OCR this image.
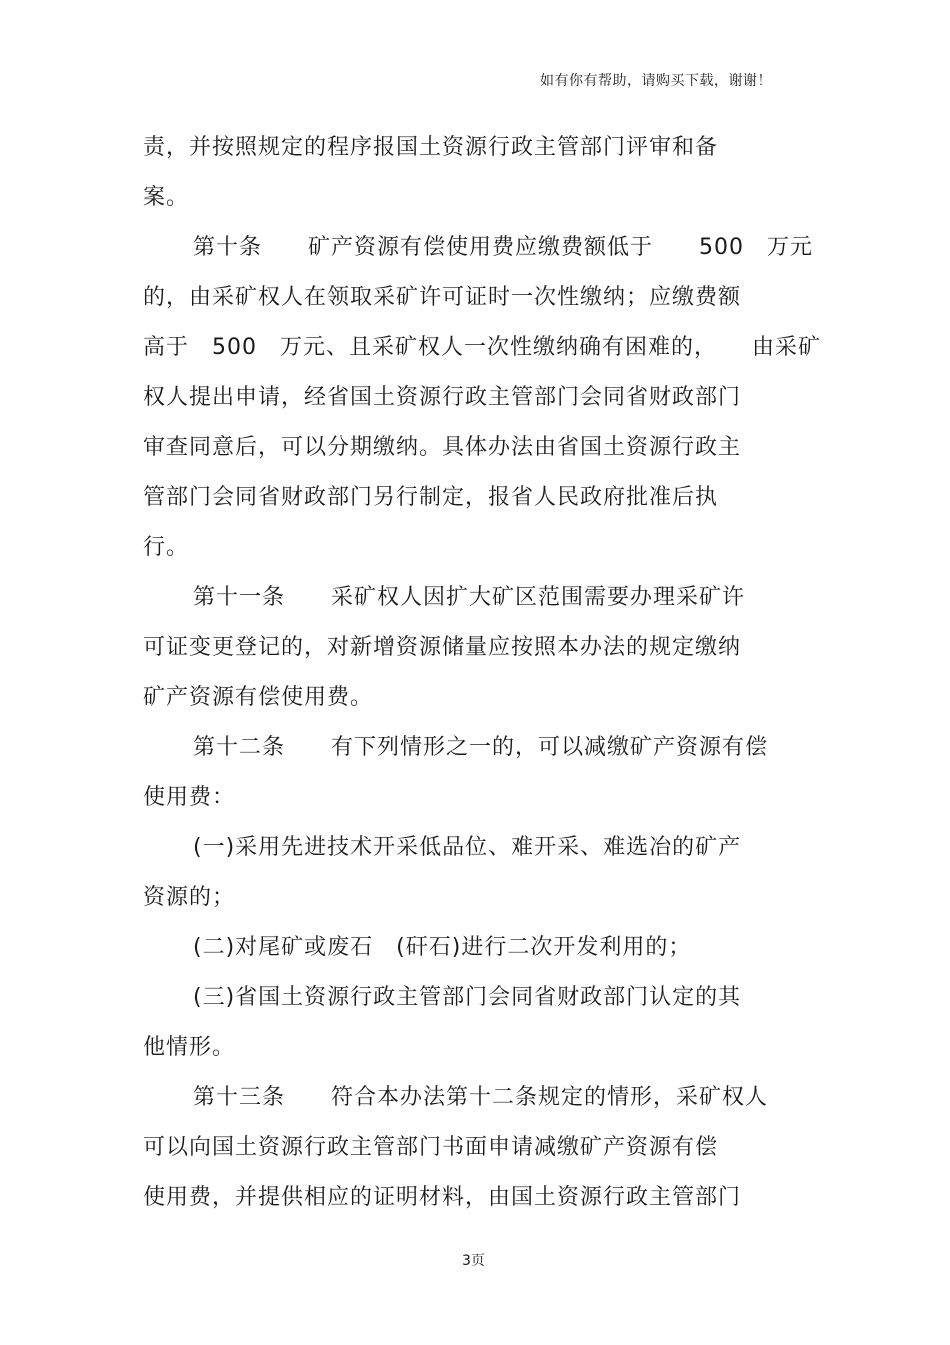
如有你有帮助，请购买下载，谢谢！
责，并按照规定的程序报国土资源行政主管部门评审和备
案。
第十条　　矿产资源有偿使用费应缴费额低于　　500　万元
的，由采矿权人在领取采矿许可证时一次性缴纳；应缴费额
高于　500　万元、且采矿权人一次性缴纳确有困难的，　　由采矿
权人提出申请，经省国土资源行政主管部门会同省财政部门
审查同意后，可以分期缴纳。具体办法由省国土资源行政主
管部门会同省财政部门另行制定，报省人民政府批准后执
行。
第十一条　　采矿权人因扩大矿区范围需要办理采矿许
可证变更登记的，对新增资源储量应按照本办法的规定缴纳
矿产资源有偿使用费。
第十二条　　有下列情形之一的，可以减缴矿产资源有偿
使用费：
(一)采用先进技术开采低品位、难开采、难选冶的矿产
资源的；
(二)对尾矿或废石　(矸石)进行二次开发利用的；
(三)省国土资源行政主管部门会同省财政部门认定的其
他情形。
第十三条　　符合本办法第十二条规定的情形，采矿权人
可以向国土资源行政主管部门书面申请减缴矿产资源有偿
使用费，并提供相应的证明材料，由国土资源行政主管部门
3页
